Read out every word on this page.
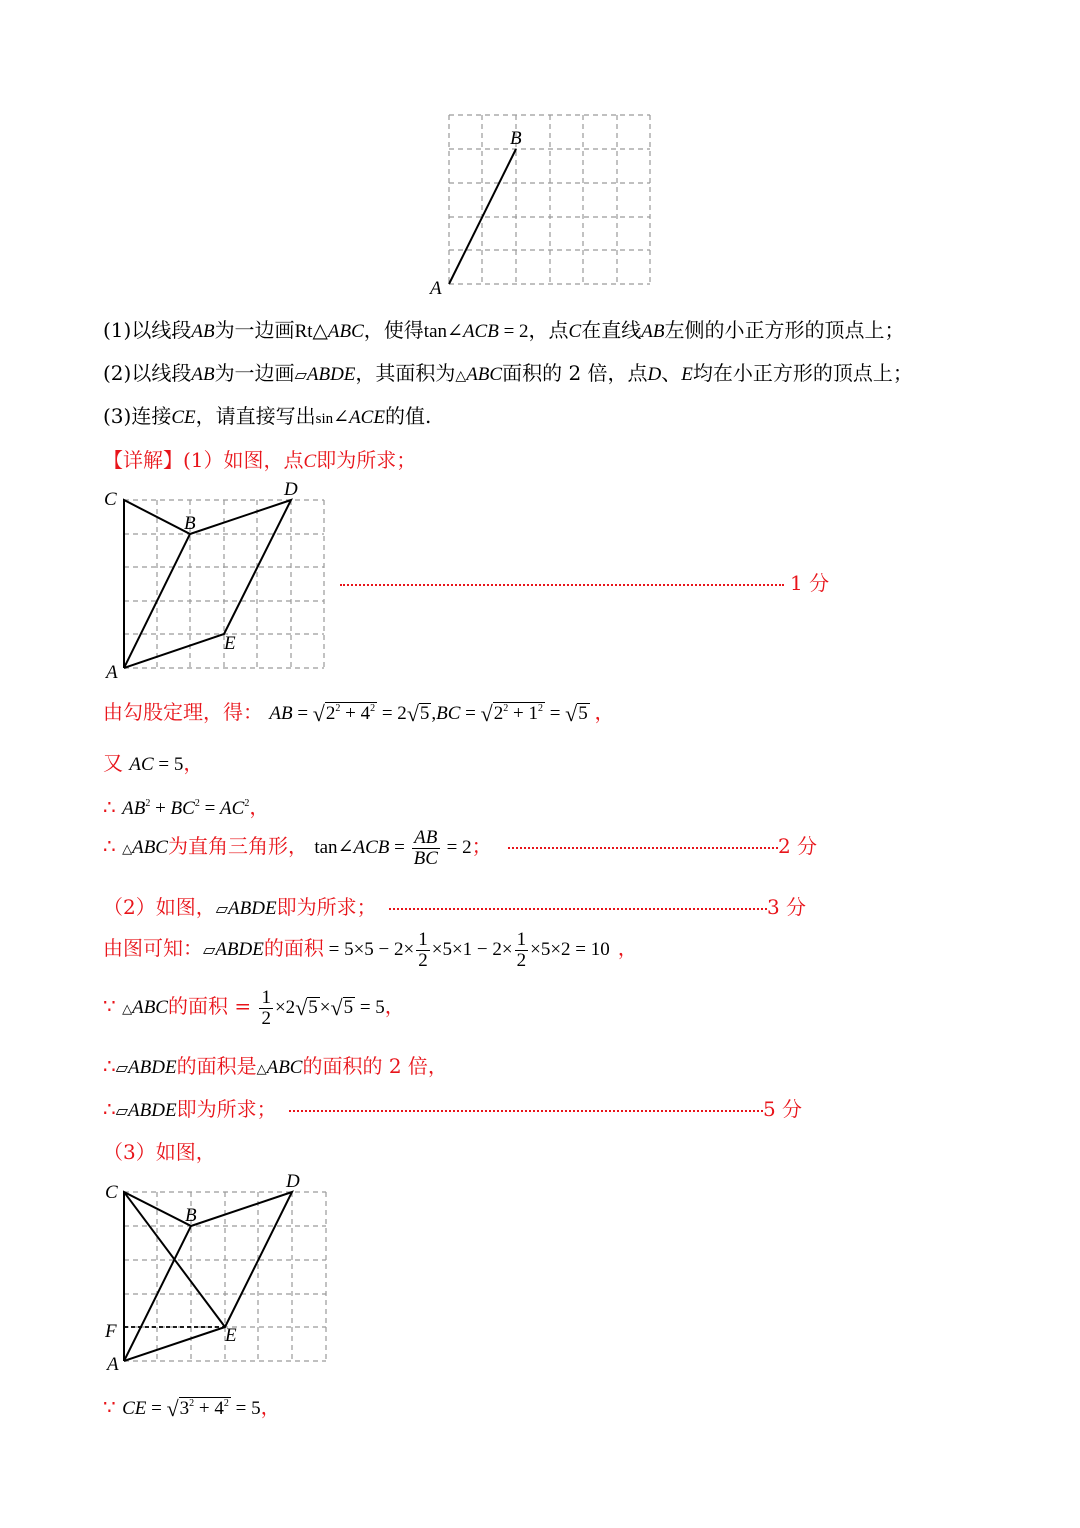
A
B
(1)以线段AB为一边画Rt△ABC，使得tan∠ACB = 2，点C在直线AB左侧的小正方形的顶点上；
(2)以线段AB为一边画▱ABDE，其面积为△ABC面积的 2 倍，点D、E均在小正方形的顶点上；
(3)连接CE，请直接写出sin∠ACE的值.
【详解】(1）如图，点C即为所求；
C
B
D
E
A
1 分
由勾股定理，得： AB = $√2^2 + 4^2 = 2√5$ $,BC = √2^2 + 1^2 = √5$ ，
又 AC = 5，
∴ $AB^2 + BC^2 = AC^2$，
∴ △ABC为直角三角形， tan∠ACB = $\frac{AB}{BC} = 2$；	2 分
（2）如图，▱ABDE即为所求；	3 分
由图可知：▱ABDE的面积 = $5\times 5 - 2\times \frac{1}{2} \times 5\times 1 - 2\times \frac{1}{2} \times 5\times 2 = 10$ ，
∵ △ABC的面积 = $\frac{1}{2} \times 2√5 \times√5 = 5$，
∴▱ABDE的面积是△ABC的面积的 2 倍，
∴▱ABDE即为所求；	5 分
（3）如图，
C
B
D
F	E
A
∵ CE = $√3^2 + 4^2 = 5$，
